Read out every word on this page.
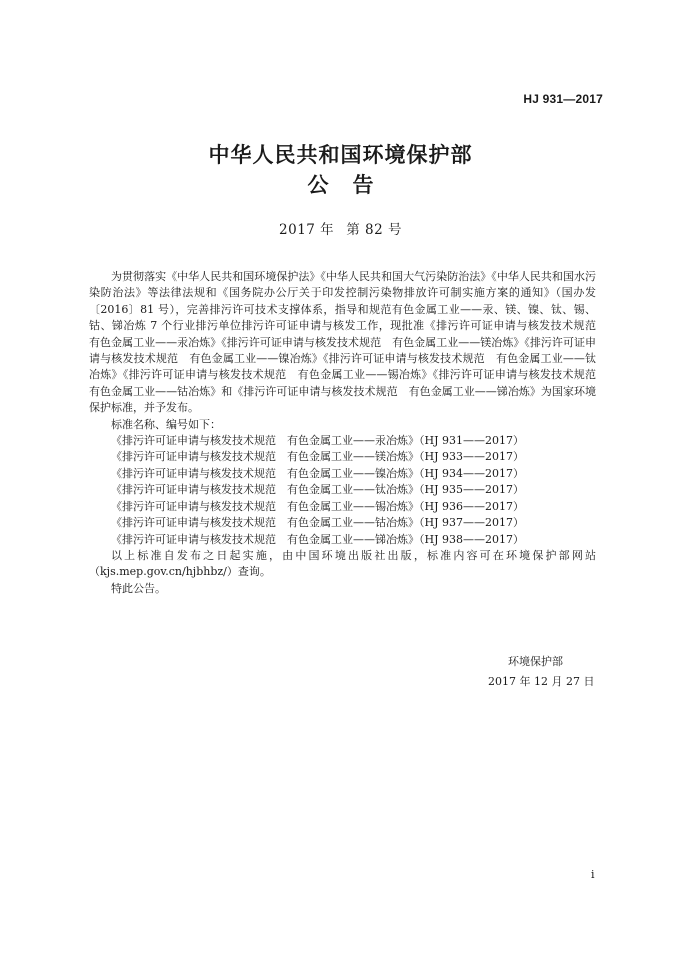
HJ 931—2017
中华人民共和国环境保护部
公告
2017 年 第 82 号

为贯彻落实《中华人民共和国环境保护法》《中华人民共和国大气污染防治法》《中华人民共和国水污染防治法》等法律法规和《国务院办公厅关于印发控制污染物排放许可制实施方案的通知》（国办发〔2016〕81 号），完善排污许可技术支撑体系，指导和规范有色金属工业——汞、镁、镍、钛、锡、钴、锑冶炼 7 个行业排污单位排污许可证申请与核发工作，现批准《排污许可证申请与核发技术规范　有色金属工业——汞冶炼》《排污许可证申请与核发技术规范　有色金属工业——镁冶炼》《排污许可证申请与核发技术规范　有色金属工业——镍冶炼》《排污许可证申请与核发技术规范　有色金属工业——钛冶炼》《排污许可证申请与核发技术规范　有色金属工业——锡冶炼》《排污许可证申请与核发技术规范　有色金属工业——钴冶炼》和《排污许可证申请与核发技术规范　有色金属工业——锑冶炼》为国家环境保护标准，并予发布。

标准名称、编号如下：

《排污许可证申请与核发技术规范　有色金属工业——汞冶炼》（HJ 931——2017）
《排污许可证申请与核发技术规范　有色金属工业——镁冶炼》（HJ 933——2017）
《排污许可证申请与核发技术规范　有色金属工业——镍冶炼》（HJ 934——2017）
《排污许可证申请与核发技术规范　有色金属工业——钛冶炼》（HJ 935——2017）
《排污许可证申请与核发技术规范　有色金属工业——锡冶炼》（HJ 936——2017）
《排污许可证申请与核发技术规范　有色金属工业——钴冶炼》（HJ 937——2017）
《排污许可证申请与核发技术规范　有色金属工业——锑冶炼》（HJ 938——2017）

以上标准自发布之日起实施，由中国环境出版社出版，标准内容可在环境保护部网站（kjs.mep.gov.cn/hjbhbz/）查询。

特此公告。

环境保护部
2017 年 12 月 27 日
i
